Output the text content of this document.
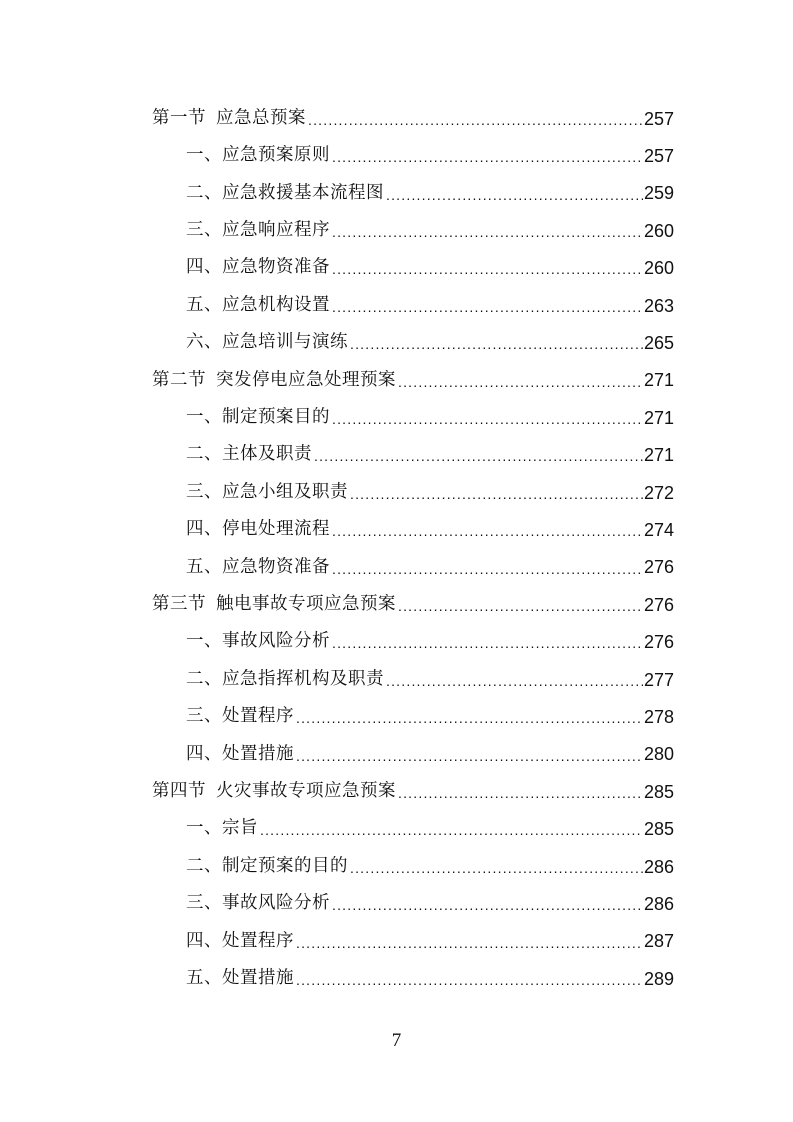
第一节 应急总预案 .....	257
一、应急预案原则 .....	257
二、应急救援基本流程图 .....	259
三、应急响应程序 .....	260
四、应急物资准备 .....	260
五、应急机构设置 .....	263
六、应急培训与演练 .....	265
第二节 突发停电应急处理预案 .....	271
一、制定预案目的 .....	271
二、主体及职责 .....	271
三、应急小组及职责 .....	272
四、停电处理流程 .....	274
五、应急物资准备 .....	276
第三节 触电事故专项应急预案 .....	276
一、事故风险分析 .....	276
二、应急指挥机构及职责 .....	277
三、处置程序 .....	278
四、处置措施 .....	280
第四节 火灾事故专项应急预案 .....	285
一、宗旨 .....	285
二、制定预案的目的 .....	286
三、事故风险分析 .....	286
四、处置程序 .....	287
五、处置措施 .....	289
7
